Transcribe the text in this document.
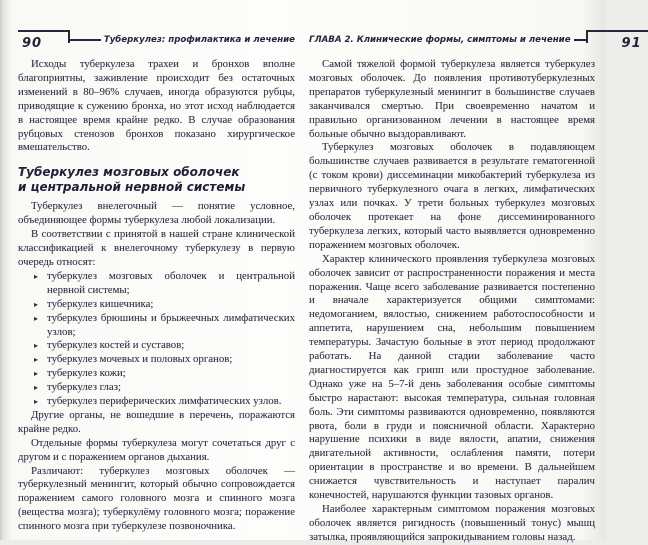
90	Туберкулез: профилактика и лечение

Исходы туберкулеза трахеи и бронхов вполне благоприятны, заживление происходит без остаточных изменений в 80–96% случаев, иногда образуются рубцы, приводящие к сужению бронха, но этот исход наблюдается в настоящее время крайне редко. В случае образования рубцовых стенозов бронхов показано хирургическое вмешательство.

Туберкулез мозговых оболочек
и центральной нервной системы

Туберкулез внелегочный — понятие условное, объединяющее формы туберкулеза любой локализации.

В соответствии с принятой в нашей стране клинической классификацией к внелегочному туберкулезу в первую очередь относят:

▸ туберкулез мозговых оболочек и центральной нервной системы;
▸ туберкулез кишечника;
▸ туберкулез брюшины и брыжеечных лимфатических узлов;
▸ туберкулез костей и суставов;
▸ туберкулез мочевых и половых органов;
▸ туберкулез кожи;
▸ туберкулез глаз;
▸ туберкулез периферических лимфатических узлов.

Другие органы, не вошедшие в перечень, поражаются крайне редко.

Отдельные формы туберкулеза могут сочетаться друг с другом и с поражением органов дыхания.

Различают: туберкулез мозговых оболочек — туберкулезный менингит, который обычно сопровождается поражением самого головного мозга и спинного мозга (вещества мозга); туберкулёму головного мозга; поражение спинного мозга при туберкулезе позвоночника.

ГЛАВА 2. Клинические формы, симптомы и лечение	91

Самой тяжелой формой туберкулеза является туберкулез мозговых оболочек. До появления противотуберкулезных препаратов туберкулезный менингит в большинстве случаев заканчивался смертью. При своевременно начатом и правильно организованном лечении в настоящее время больные обычно выздоравливают.

Туберкулез мозговых оболочек в подавляющем большинстве случаев развивается в результате гематогенной (с током крови) диссеминации микобактерий туберкулеза из первичного туберкулезного очага в легких, лимфатических узлах или почках. У трети больных туберкулез мозговых оболочек протекает на фоне диссеминированного туберкулеза легких, который часто выявляется одновременно поражением мозговых оболочек.

Характер клинического проявления туберкулеза мозговых оболочек зависит от распространенности поражения и места поражения. Чаще всего заболевание развивается постепенно и вначале характеризуется общими симптомами: недомоганием, вялостью, снижением работоспособности и аппетита, нарушением сна, небольшим повышением температуры. Зачастую больные в этот период продолжают работать. На данной стадии заболевание часто диагностируется как грипп или простудное заболевание. Однако уже на 5–7-й день заболевания особые симптомы быстро нарастают: высокая температура, сильная головная боль. Эти симптомы развиваются одновременно, появляются рвота, боли в груди и поясничной области. Характерно нарушение психики в виде вялости, апатии, снижения двигательной активности, ослабления памяти, потери ориентации в пространстве и во времени. В дальнейшем снижается чувствительность и наступает паралич конечностей, нарушаются функции тазовых органов.

Наиболее характерным симптомом поражения мозговых оболочек является ригидность (повышенный тонус) мышц затылка, проявляющийся запрокидыванием головы назад.
